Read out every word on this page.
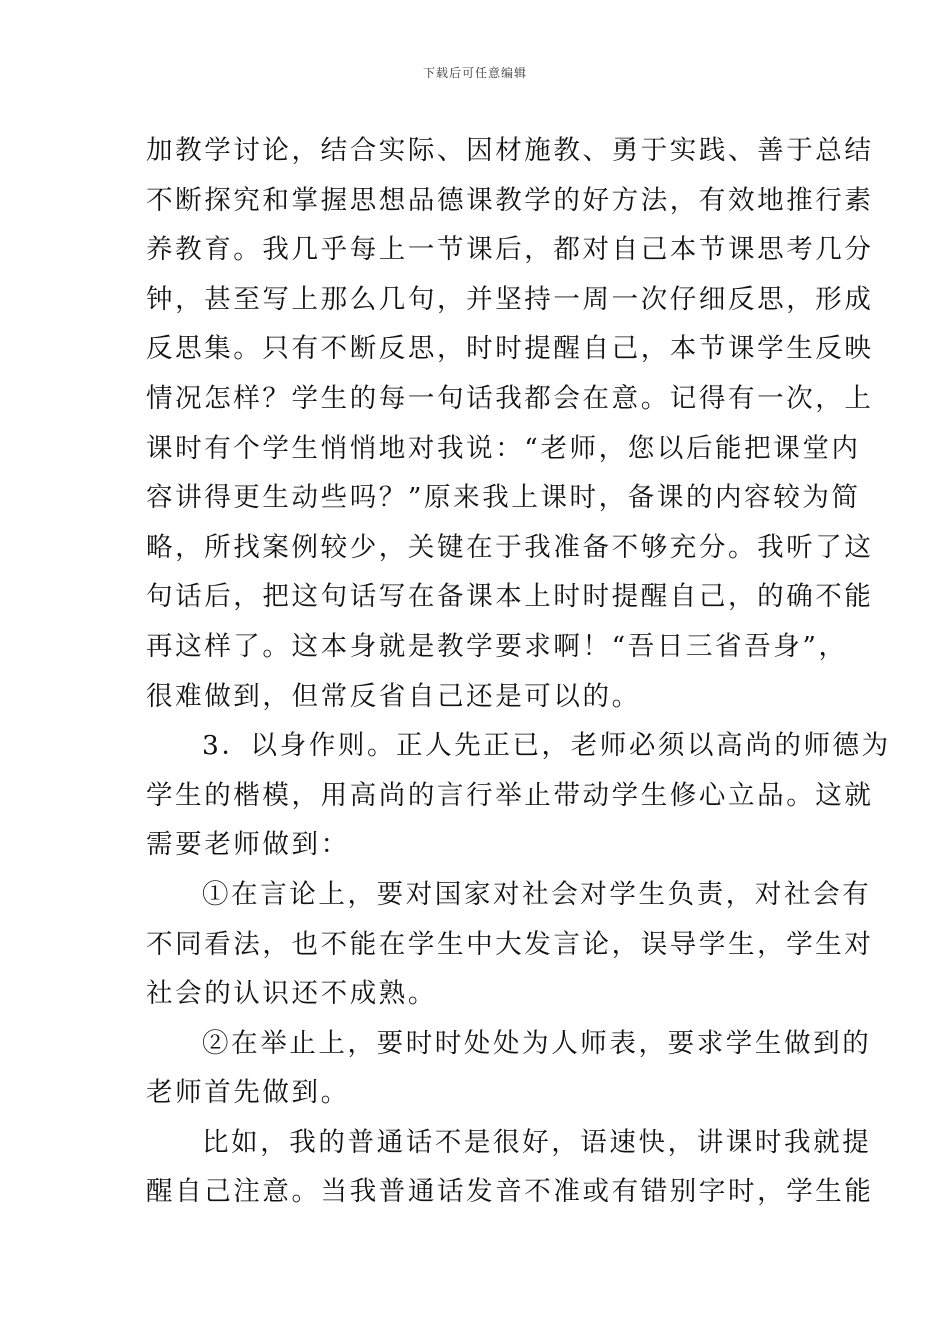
下载后可任意编辑
加教学讨论，结合实际、因材施教、勇于实践、善于总结
不断探究和掌握思想品德课教学的好方法，有效地推行素
养教育。我几乎每上一节课后，都对自己本节课思考几分
钟，甚至写上那么几句，并坚持一周一次仔细反思，形成
反思集。只有不断反思，时时提醒自己，本节课学生反映
情况怎样？学生的每一句话我都会在意。记得有一次，上
课时有个学生悄悄地对我说：“老师，您以后能把课堂内
容讲得更生动些吗？”原来我上课时，备课的内容较为简
略，所找案例较少，关键在于我准备不够充分。我听了这
句话后，把这句话写在备课本上时时提醒自己，的确不能
再这样了。这本身就是教学要求啊！“吾日三省吾身”，
很难做到，但常反省自己还是可以的。
3．以身作则。正人先正已，老师必须以高尚的师德为
学生的楷模，用高尚的言行举止带动学生修心立品。这就
需要老师做到：
①在言论上，要对国家对社会对学生负责，对社会有
不同看法，也不能在学生中大发言论，误导学生，学生对
社会的认识还不成熟。
②在举止上，要时时处处为人师表，要求学生做到的
老师首先做到。
比如，我的普通话不是很好，语速快，讲课时我就提
醒自己注意。当我普通话发音不准或有错别字时，学生能
